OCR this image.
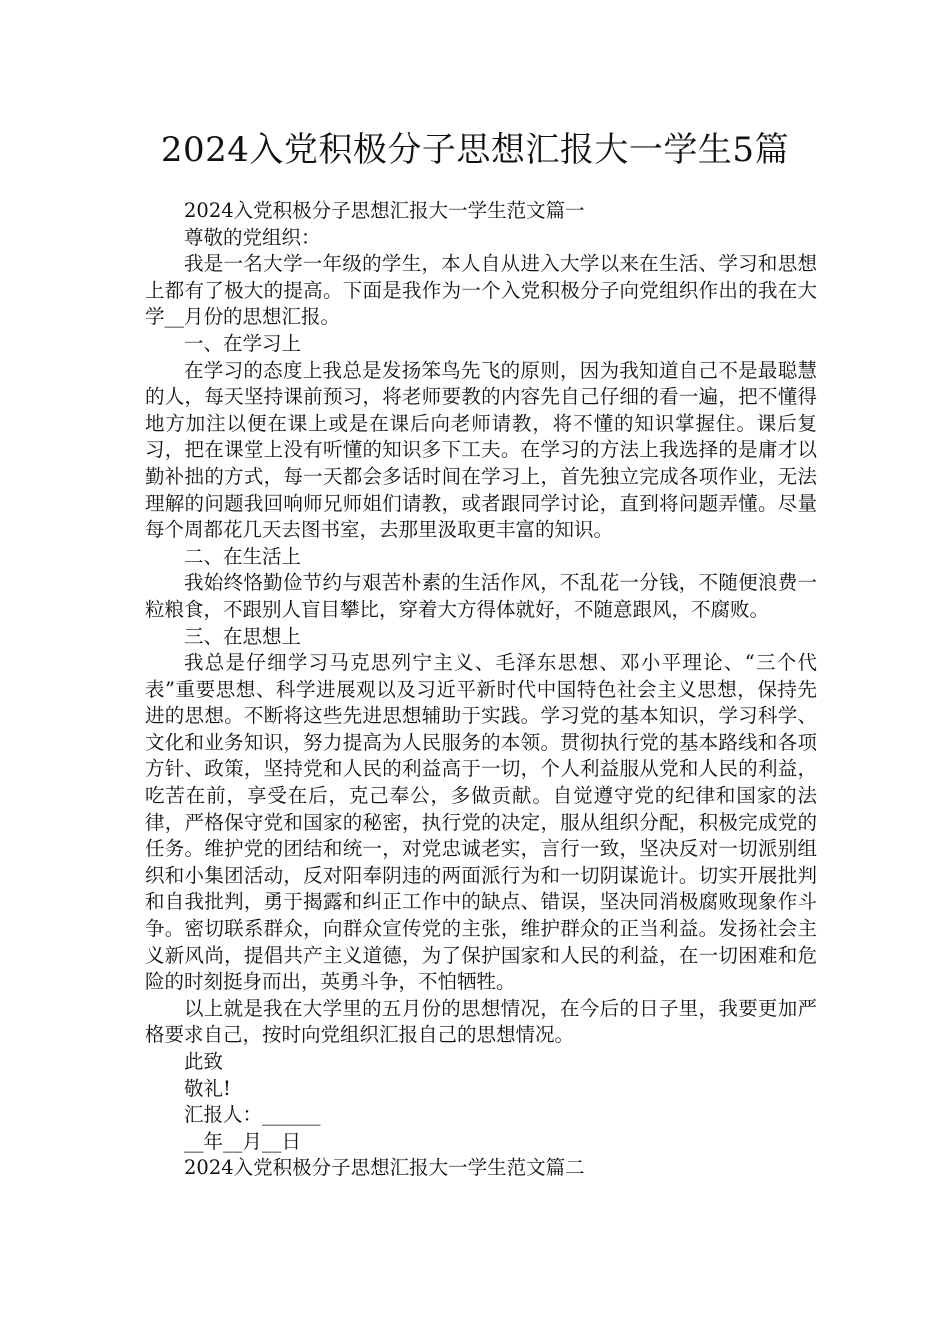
2024入党积极分子思想汇报大一学生5篇

2024入党积极分子思想汇报大一学生范文篇一

尊敬的党组织：

我是一名大学一年级的学生，本人自从进入大学以来在生活、学习和思想上都有了极大的提高。下面是我作为一个入党积极分子向党组织作出的我在大学__月份的思想汇报。

一、在学习上

在学习的态度上我总是发扬笨鸟先飞的原则，因为我知道自己不是最聪慧的人，每天坚持课前预习，将老师要教的内容先自己仔细的看一遍，把不懂得地方加注以便在课上或是在课后向老师请教，将不懂的知识掌握住。课后复习，把在课堂上没有听懂的知识多下工夫。在学习的方法上我选择的是庸才以勤补拙的方式，每一天都会多话时间在学习上，首先独立完成各项作业，无法理解的问题我回响师兄师姐们请教，或者跟同学讨论，直到将问题弄懂。尽量每个周都花几天去图书室，去那里汲取更丰富的知识。

二、在生活上

我始终恪勤俭节约与艰苦朴素的生活作风，不乱花一分钱，不随便浪费一粒粮食，不跟别人盲目攀比，穿着大方得体就好，不随意跟风，不腐败。

三、在思想上

我总是仔细学习马克思列宁主义、毛泽东思想、邓小平理论、“三个代表”重要思想、科学进展观以及习近平新时代中国特色社会主义思想，保持先进的思想。不断将这些先进思想辅助于实践。学习党的基本知识，学习科学、文化和业务知识，努力提高为人民服务的本领。贯彻执行党的基本路线和各项方针、政策，坚持党和人民的利益高于一切，个人利益服从党和人民的利益，吃苦在前，享受在后，克己奉公，多做贡献。自觉遵守党的纪律和国家的法律，严格保守党和国家的秘密，执行党的决定，服从组织分配，积极完成党的任务。维护党的团结和统一，对党忠诚老实，言行一致，坚决反对一切派别组织和小集团活动，反对阳奉阴违的两面派行为和一切阴谋诡计。切实开展批判和自我批判，勇于揭露和纠正工作中的缺点、错误，坚决同消极腐败现象作斗争。密切联系群众，向群众宣传党的主张，维护群众的正当利益。发扬社会主义新风尚，提倡共产主义道德，为了保护国家和人民的利益，在一切困难和危险的时刻挺身而出，英勇斗争，不怕牺牲。

以上就是我在大学里的五月份的思想情况，在今后的日子里，我要更加严格要求自己，按时向党组织汇报自己的思想情况。

此致

敬礼!

汇报人：______

__年__月__日

2024入党积极分子思想汇报大一学生范文篇二
